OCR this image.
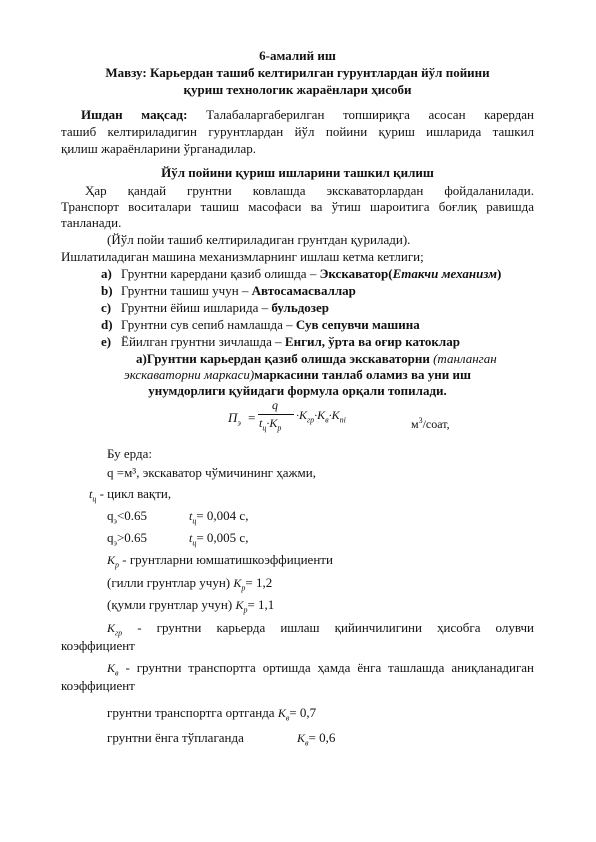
6-амалий иш
Мавзу: Карьердан ташиб келтирилган гурунтлардан йўл пойини
қуриш технологик жараёнлари ҳисоби
Ишдан мақсад: Талабаларгаберилган топшириқга асосан карердан
ташиб келтириладигин гурунтлардан йўл пойини қуриш ишларида ташкил
қилиш жараёнларини ўрганадилар.
Йўл пойини қуриш ишларини ташкил қилиш
Ҳар қандай грунтни ковлашда экскаваторлардан фойдаланилади.
Транспорт воситалари ташиш масофаси ва ўтиш шароитига боғлиқ равишда
танланади.
(Йўл пойи ташиб келтириладиган грунтдан қурилади).
Ишлатиладиган машина механизмларнинг ишлаш кетма кетлиги;
a) Грунтни карердани қазиб олишда – Экскаватор(Етакчи механизм)
b) Грунтни ташиш учун – Автосамасваллар
c) Грунтни ёйиш ишларида – бульдозер
d) Грунтни сув сепиб намлашда – Сув сепувчи машина
e) Ёйилган грунтни зичлашда – Енгил, ўрта ва оғир катоклар
а)Грунтни карьердан қазиб олишда экскаваторни (танланган
экскаваторни маркаси)маркасини танлаб оламиз ва уни иш
унумдорлиги қуйидаги формула орқали топилади.
$П_э$ =
q
$t_ц\cdot K_р$
$\cdot K_{гр}\cdot K_в\cdot K_{пі}$	$м^3$/соат,
Бу ерда:
q =м³, экскаватор чўмичининг ҳажми,
$t_ц$ - цикл вақти,
$q_э<0.65$	$t_ц= 0,004$ с,
$q_э>0.65$	$t_ц= 0,005$ с,
$K_р$ - грунтларни юмшатишкоэффициенти
(гилли грунтлар учун) $K_р= 1,2$
(қумли грунтлар учун) $K_р= 1,1$
$K_{гр}$ - грунтни карьерда ишлаш қийинчилигини ҳисобга олувчи
коэффициент
$K_в$ - грунтни транспортга ортишда ҳамда ёнга ташлашда аниқланадиган
коэффициент
грунтни транспортга ортганда $K_в= 0,7$
грунтни ёнга тўплаганда	$K_в= 0,6$
